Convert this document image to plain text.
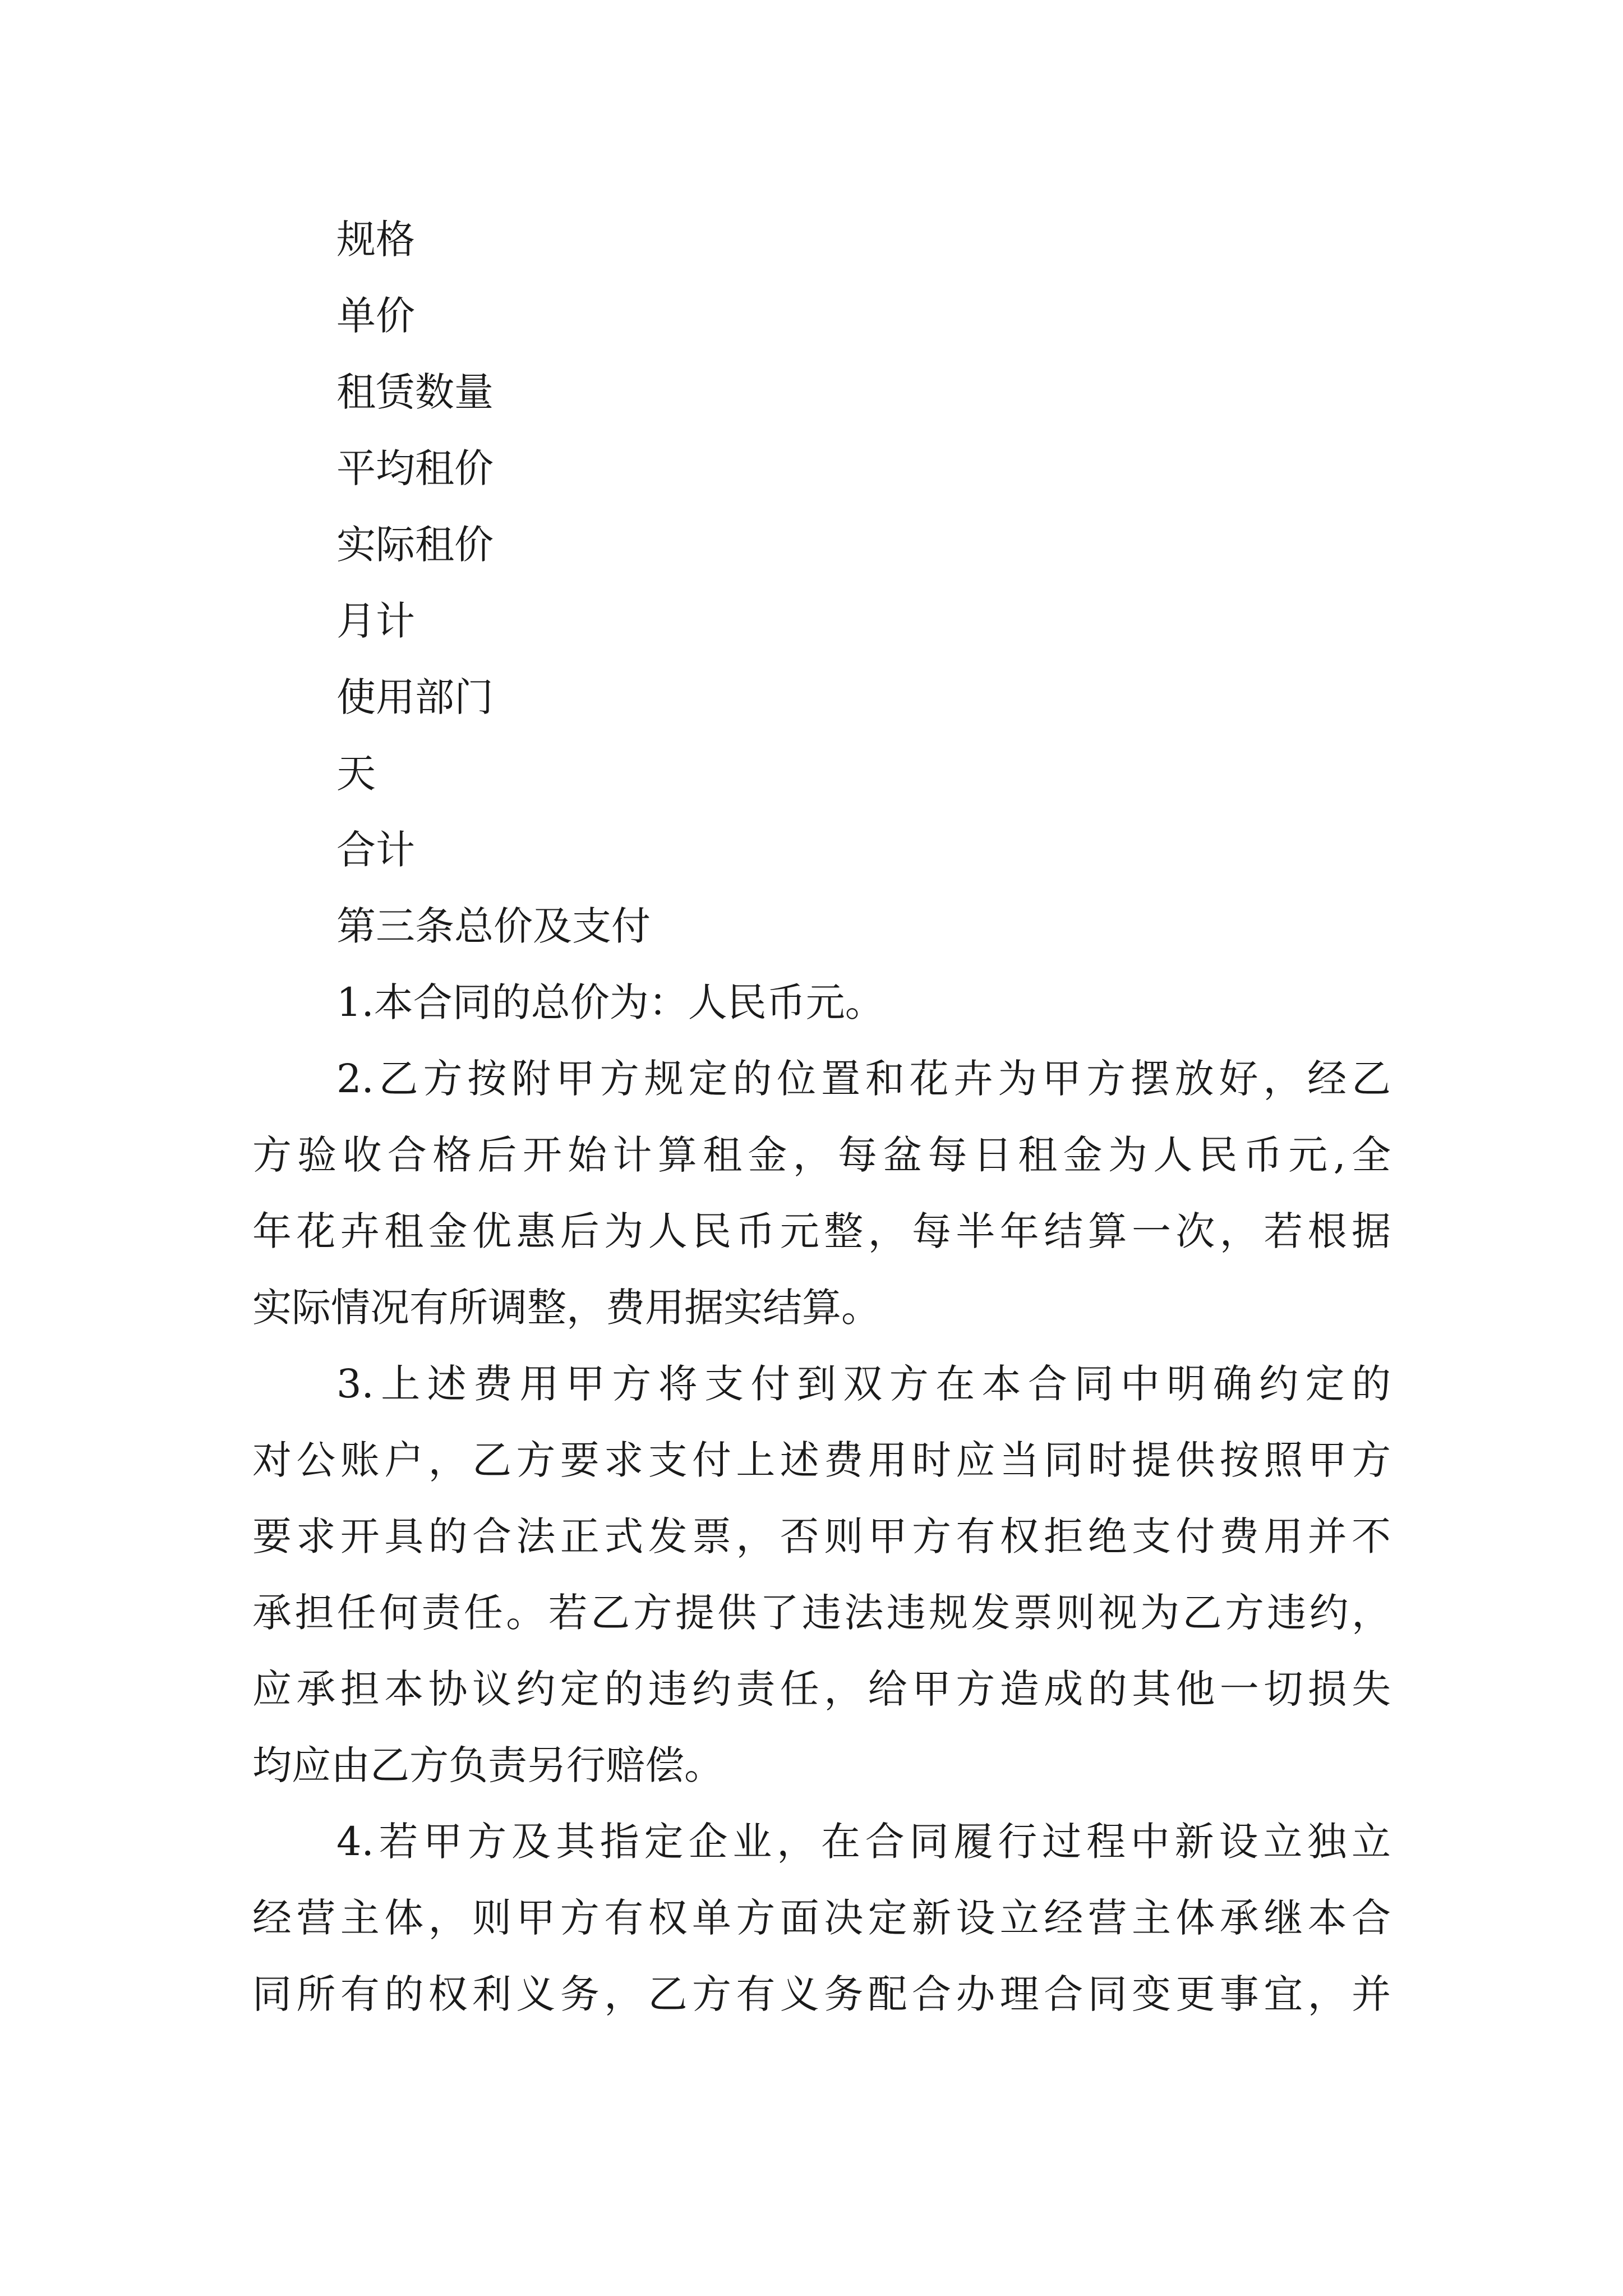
规格
单价
租赁数量
平均租价
实际租价
月计
使用部门
天
合计
第三条总价及支付
1.本合同的总价为：人民币元。
2.乙方按附甲方规定的位置和花卉为甲方摆放好，经乙
方验收合格后开始计算租金，每盆每日租金为人民币元,全
年花卉租金优惠后为人民币元整，每半年结算一次，若根据
实际情况有所调整，费用据实结算。
3.上述费用甲方将支付到双方在本合同中明确约定的
对公账户，乙方要求支付上述费用时应当同时提供按照甲方
要求开具的合法正式发票，否则甲方有权拒绝支付费用并不
承担任何责任。若乙方提供了违法违规发票则视为乙方违约，
应承担本协议约定的违约责任，给甲方造成的其他一切损失
均应由乙方负责另行赔偿。
4.若甲方及其指定企业，在合同履行过程中新设立独立
经营主体，则甲方有权单方面决定新设立经营主体承继本合
同所有的权利义务，乙方有义务配合办理合同变更事宜，并
